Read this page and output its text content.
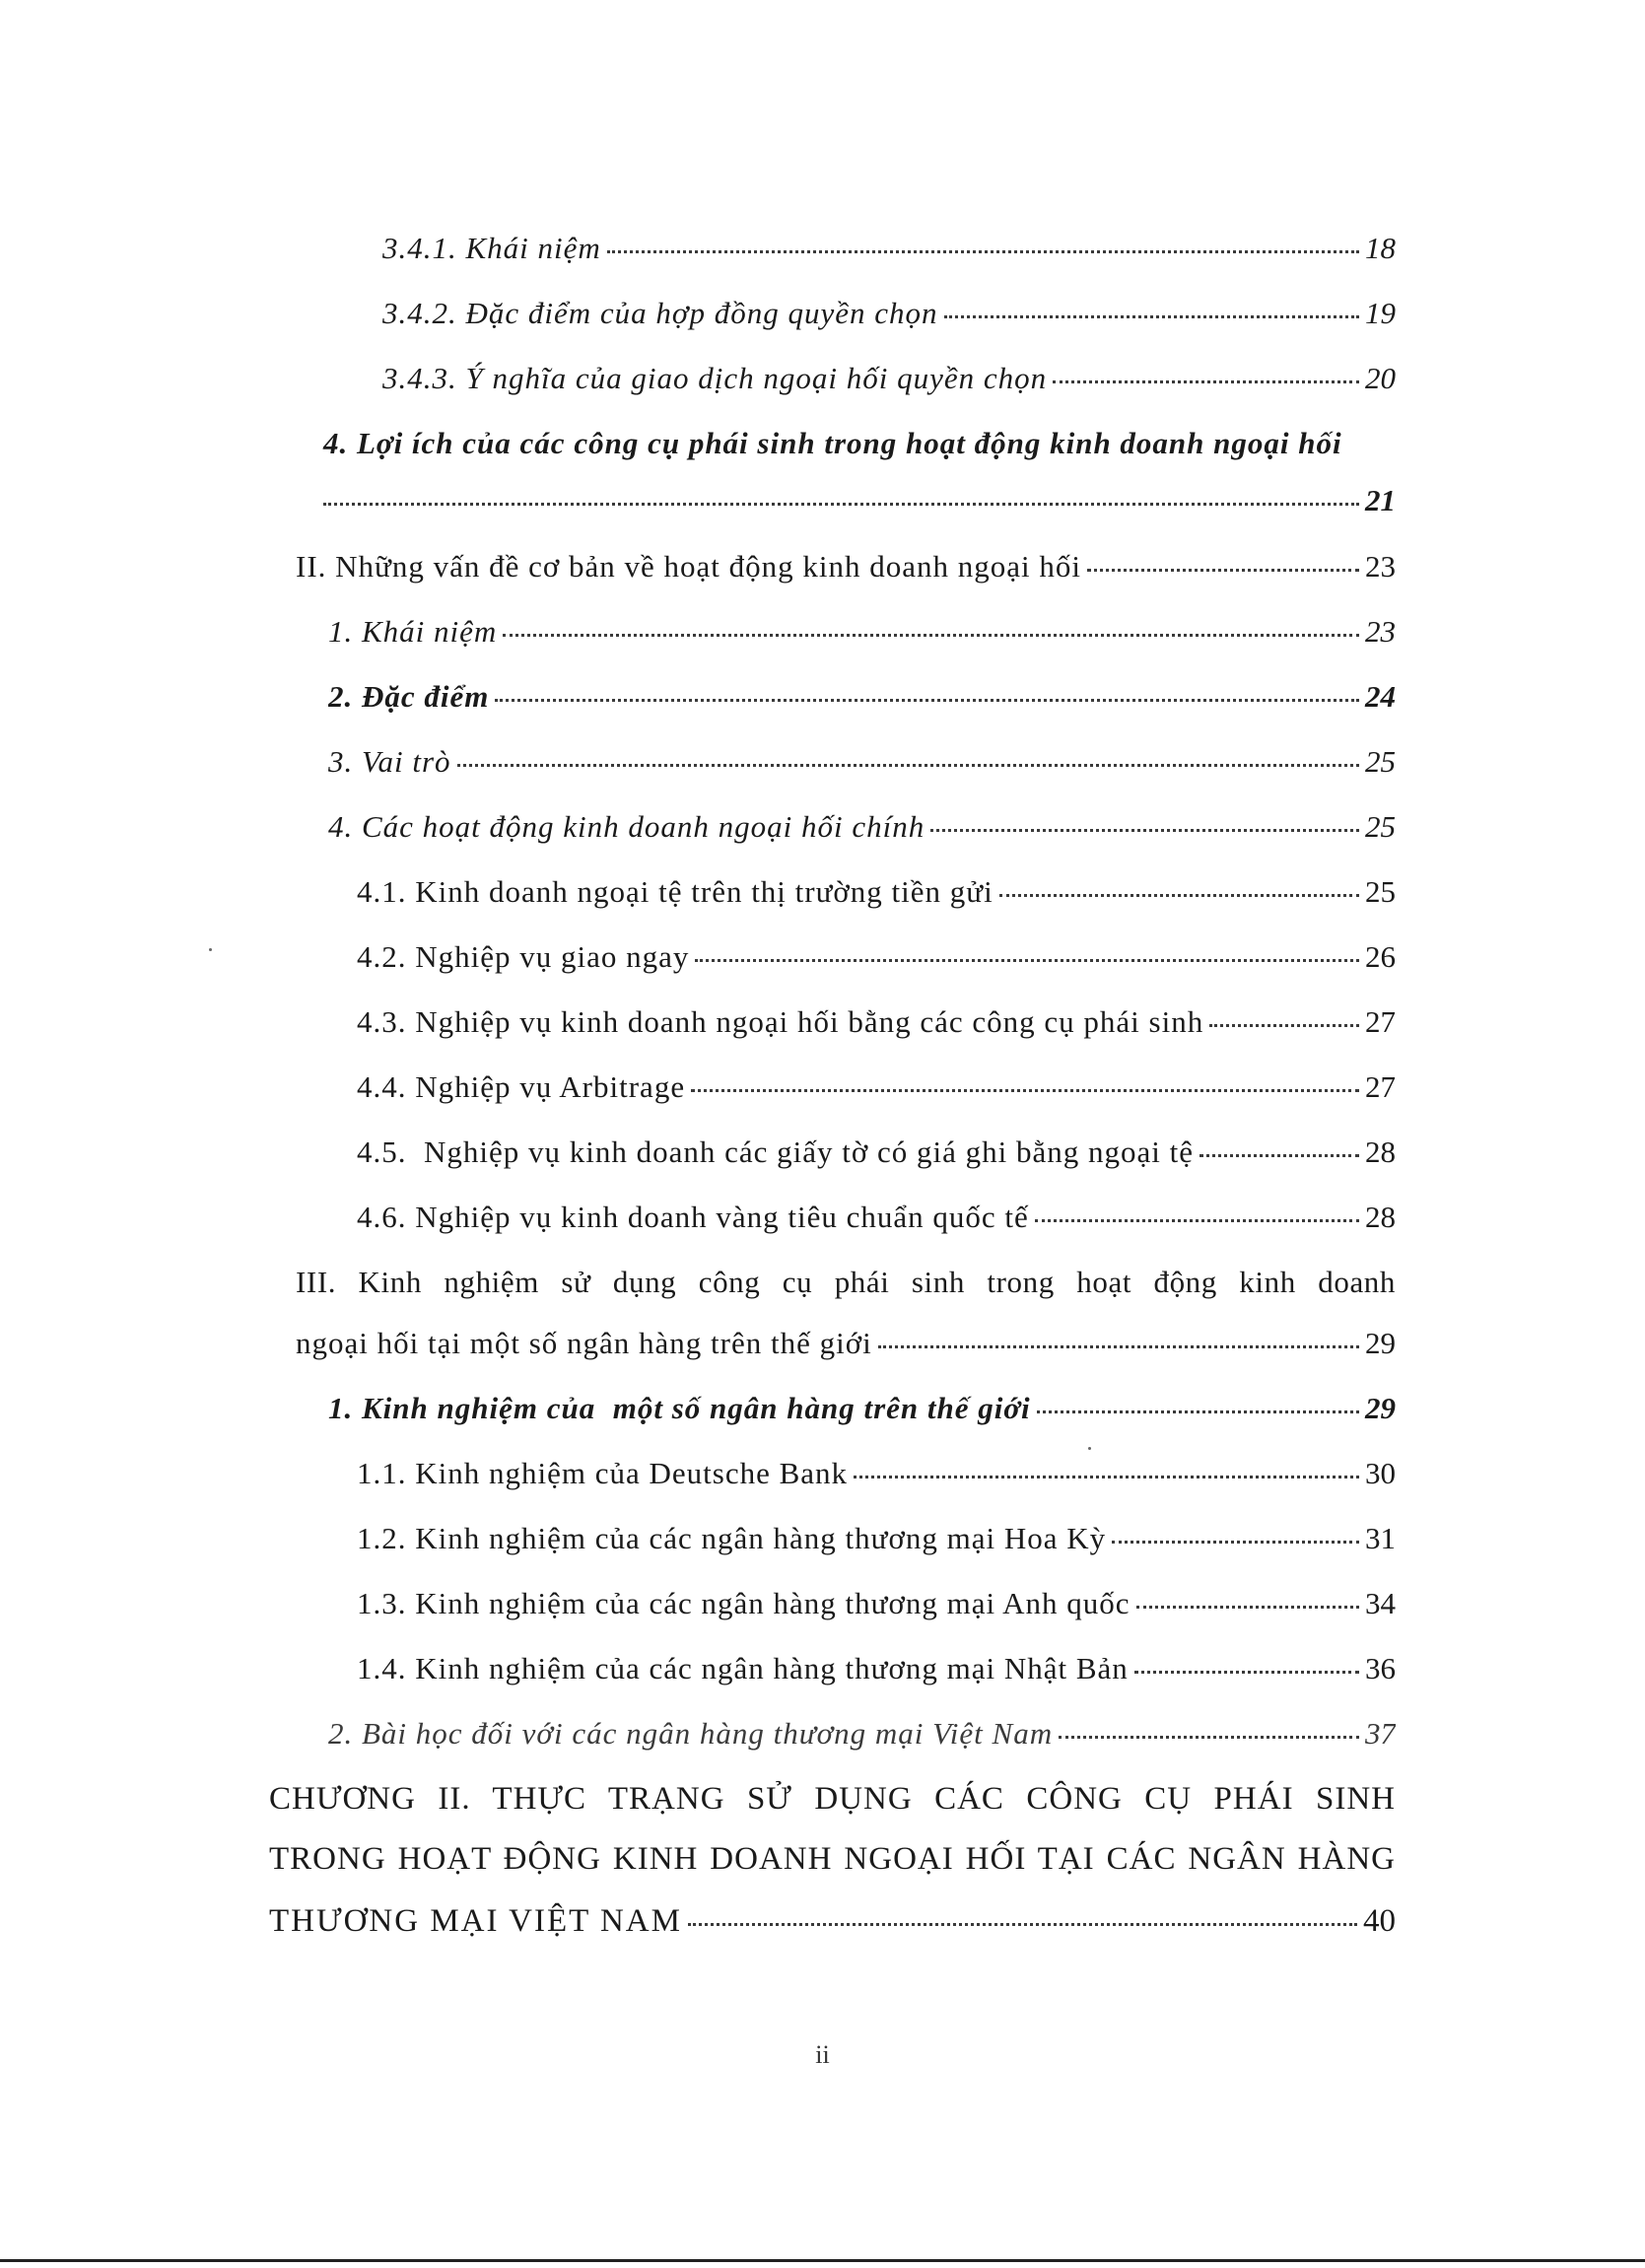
3.4.1. Khái niệm	18
3.4.2. Đặc điểm của hợp đồng quyền chọn	19
3.4.3. Ý nghĩa của giao dịch ngoại hối quyền chọn	20
4. Lợi ích của các công cụ phái sinh trong hoạt động kinh doanh ngoại hối
21
II. Những vấn đề cơ bản về hoạt động kinh doanh ngoại hối	23
1. Khái niệm	23
2. Đặc điểm	24
3. Vai trò	25
4. Các hoạt động kinh doanh ngoại hối chính	25
4.1. Kinh doanh ngoại tệ trên thị trường tiền gửi	25
4.2. Nghiệp vụ giao ngay	26
4.3. Nghiệp vụ kinh doanh ngoại hối bằng các công cụ phái sinh	27
4.4. Nghiệp vụ Arbitrage	27
4.5.  Nghiệp vụ kinh doanh các giấy tờ có giá ghi bằng ngoại tệ	28
4.6. Nghiệp vụ kinh doanh vàng tiêu chuẩn quốc tế	28
III. Kinh nghiệm sử dụng công cụ phái sinh trong hoạt động kinh doanh
ngoại hối tại một số ngân hàng trên thế giới	29
1. Kinh nghiệm của  một số ngân hàng trên thế giới	29
1.1. Kinh nghiệm của Deutsche Bank	30
1.2. Kinh nghiệm của các ngân hàng thương mại Hoa Kỳ	31
1.3. Kinh nghiệm của các ngân hàng thương mại Anh quốc	34
1.4. Kinh nghiệm của các ngân hàng thương mại Nhật Bản	36
2. Bài học đối với các ngân hàng thương mại Việt Nam	37
CHƯƠNG II. THỰC TRẠNG SỬ DỤNG CÁC CÔNG CỤ PHÁI SINH
TRONG HOẠT ĐỘNG KINH DOANH NGOẠI HỐI TẠI CÁC NGÂN HÀNG
THƯƠNG MẠI VIỆT NAM	40
ii
